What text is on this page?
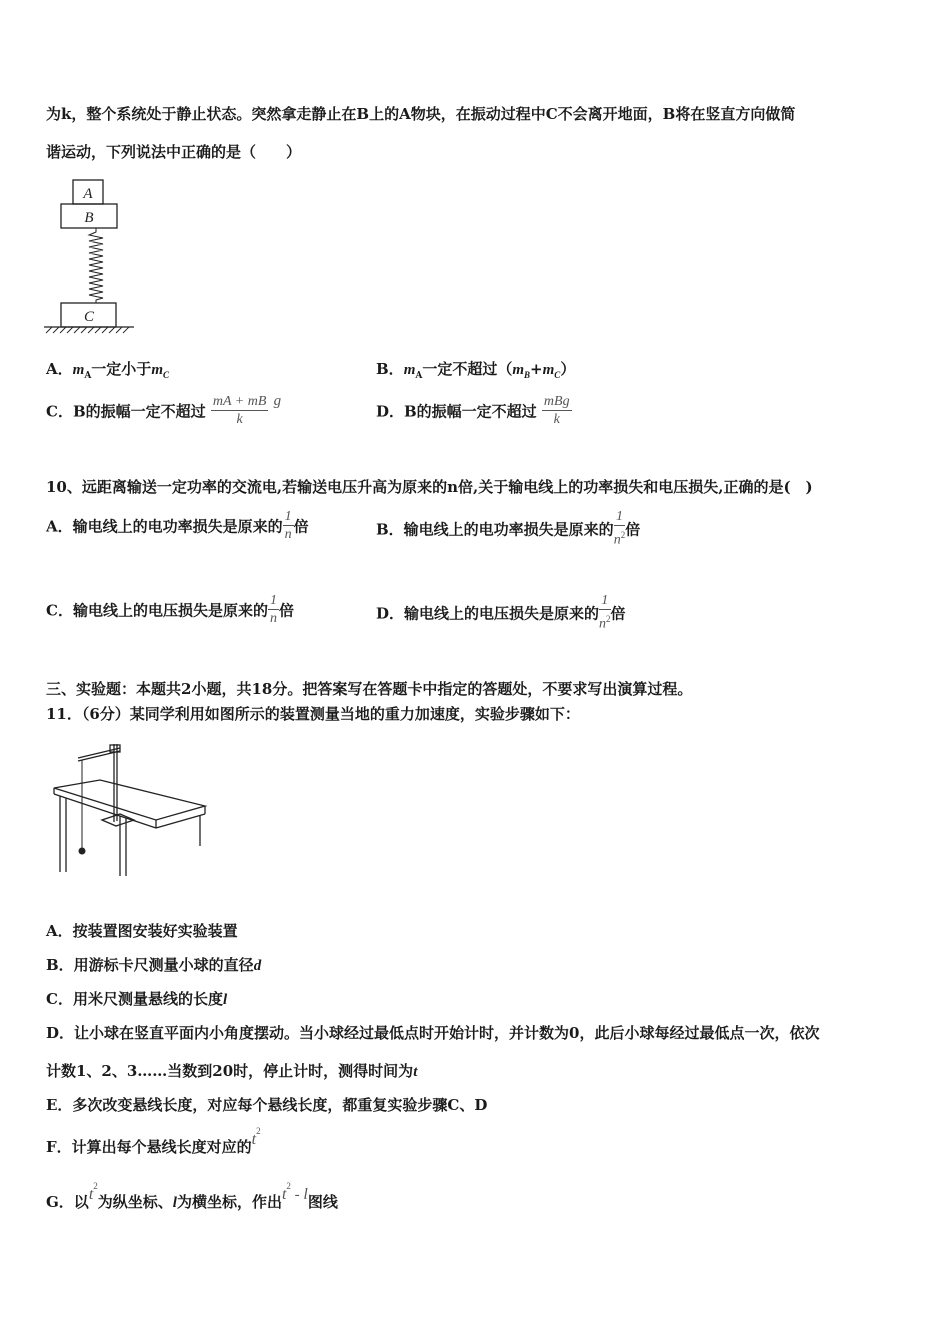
为k，整个系统处于静止状态。突然拿走静止在B上的A物块，在振动过程中C不会离开地面，B将在竖直方向做简
谐运动，下列说法中正确的是（　　）
A
B
C
A．$m_A$一定小于$m_C$	B．$m_A$一定不超过$(m_B+m_C)$
C．B的振幅一定不超过 $\frac{mA + mB}{k}$ g
D．B的振幅一定不超过 $\frac{\text{mBg}}{k}$
10、远距离输送一定功率的交流电,若输送电压升高为原来的n倍,关于输电线上的功率损失和电压损失,正确的是(　)
A．输电线上的电功率损失是原来的 $\frac{1}{n}$ 倍	B．输电线上的电功率损失是原来的 $\frac{1}{n^2}$ 倍
C．输电线上的电压损失是原来的 $\frac{1}{n}$ 倍	D．输电线上的电压损失是原来的 $\frac{1}{n^2}$ 倍
三、实验题：本题共2小题，共18分。把答案写在答题卡中指定的答题处，不要求写出演算过程。
11．（6分）某同学利用如图所示的装置测量当地的重力加速度，实验步骤如下：
A．按装置图安装好实验装置
B．用游标卡尺测量小球的直径d
C．用米尺测量悬线的长度l
D．让小球在竖直平面内小角度摆动。当小球经过最低点时开始计时，并计数为0，此后小球每经过最低点一次，依次
计数1、2、3……当数到20时，停止计时，测得时间为t
E．多次改变悬线长度，对应每个悬线长度，都重复实验步骤C、D
F．计算出每个悬线长度对应的$t^2$
G．以$t^2$为纵坐标、l为横坐标，作出$t^2$ - l图线
